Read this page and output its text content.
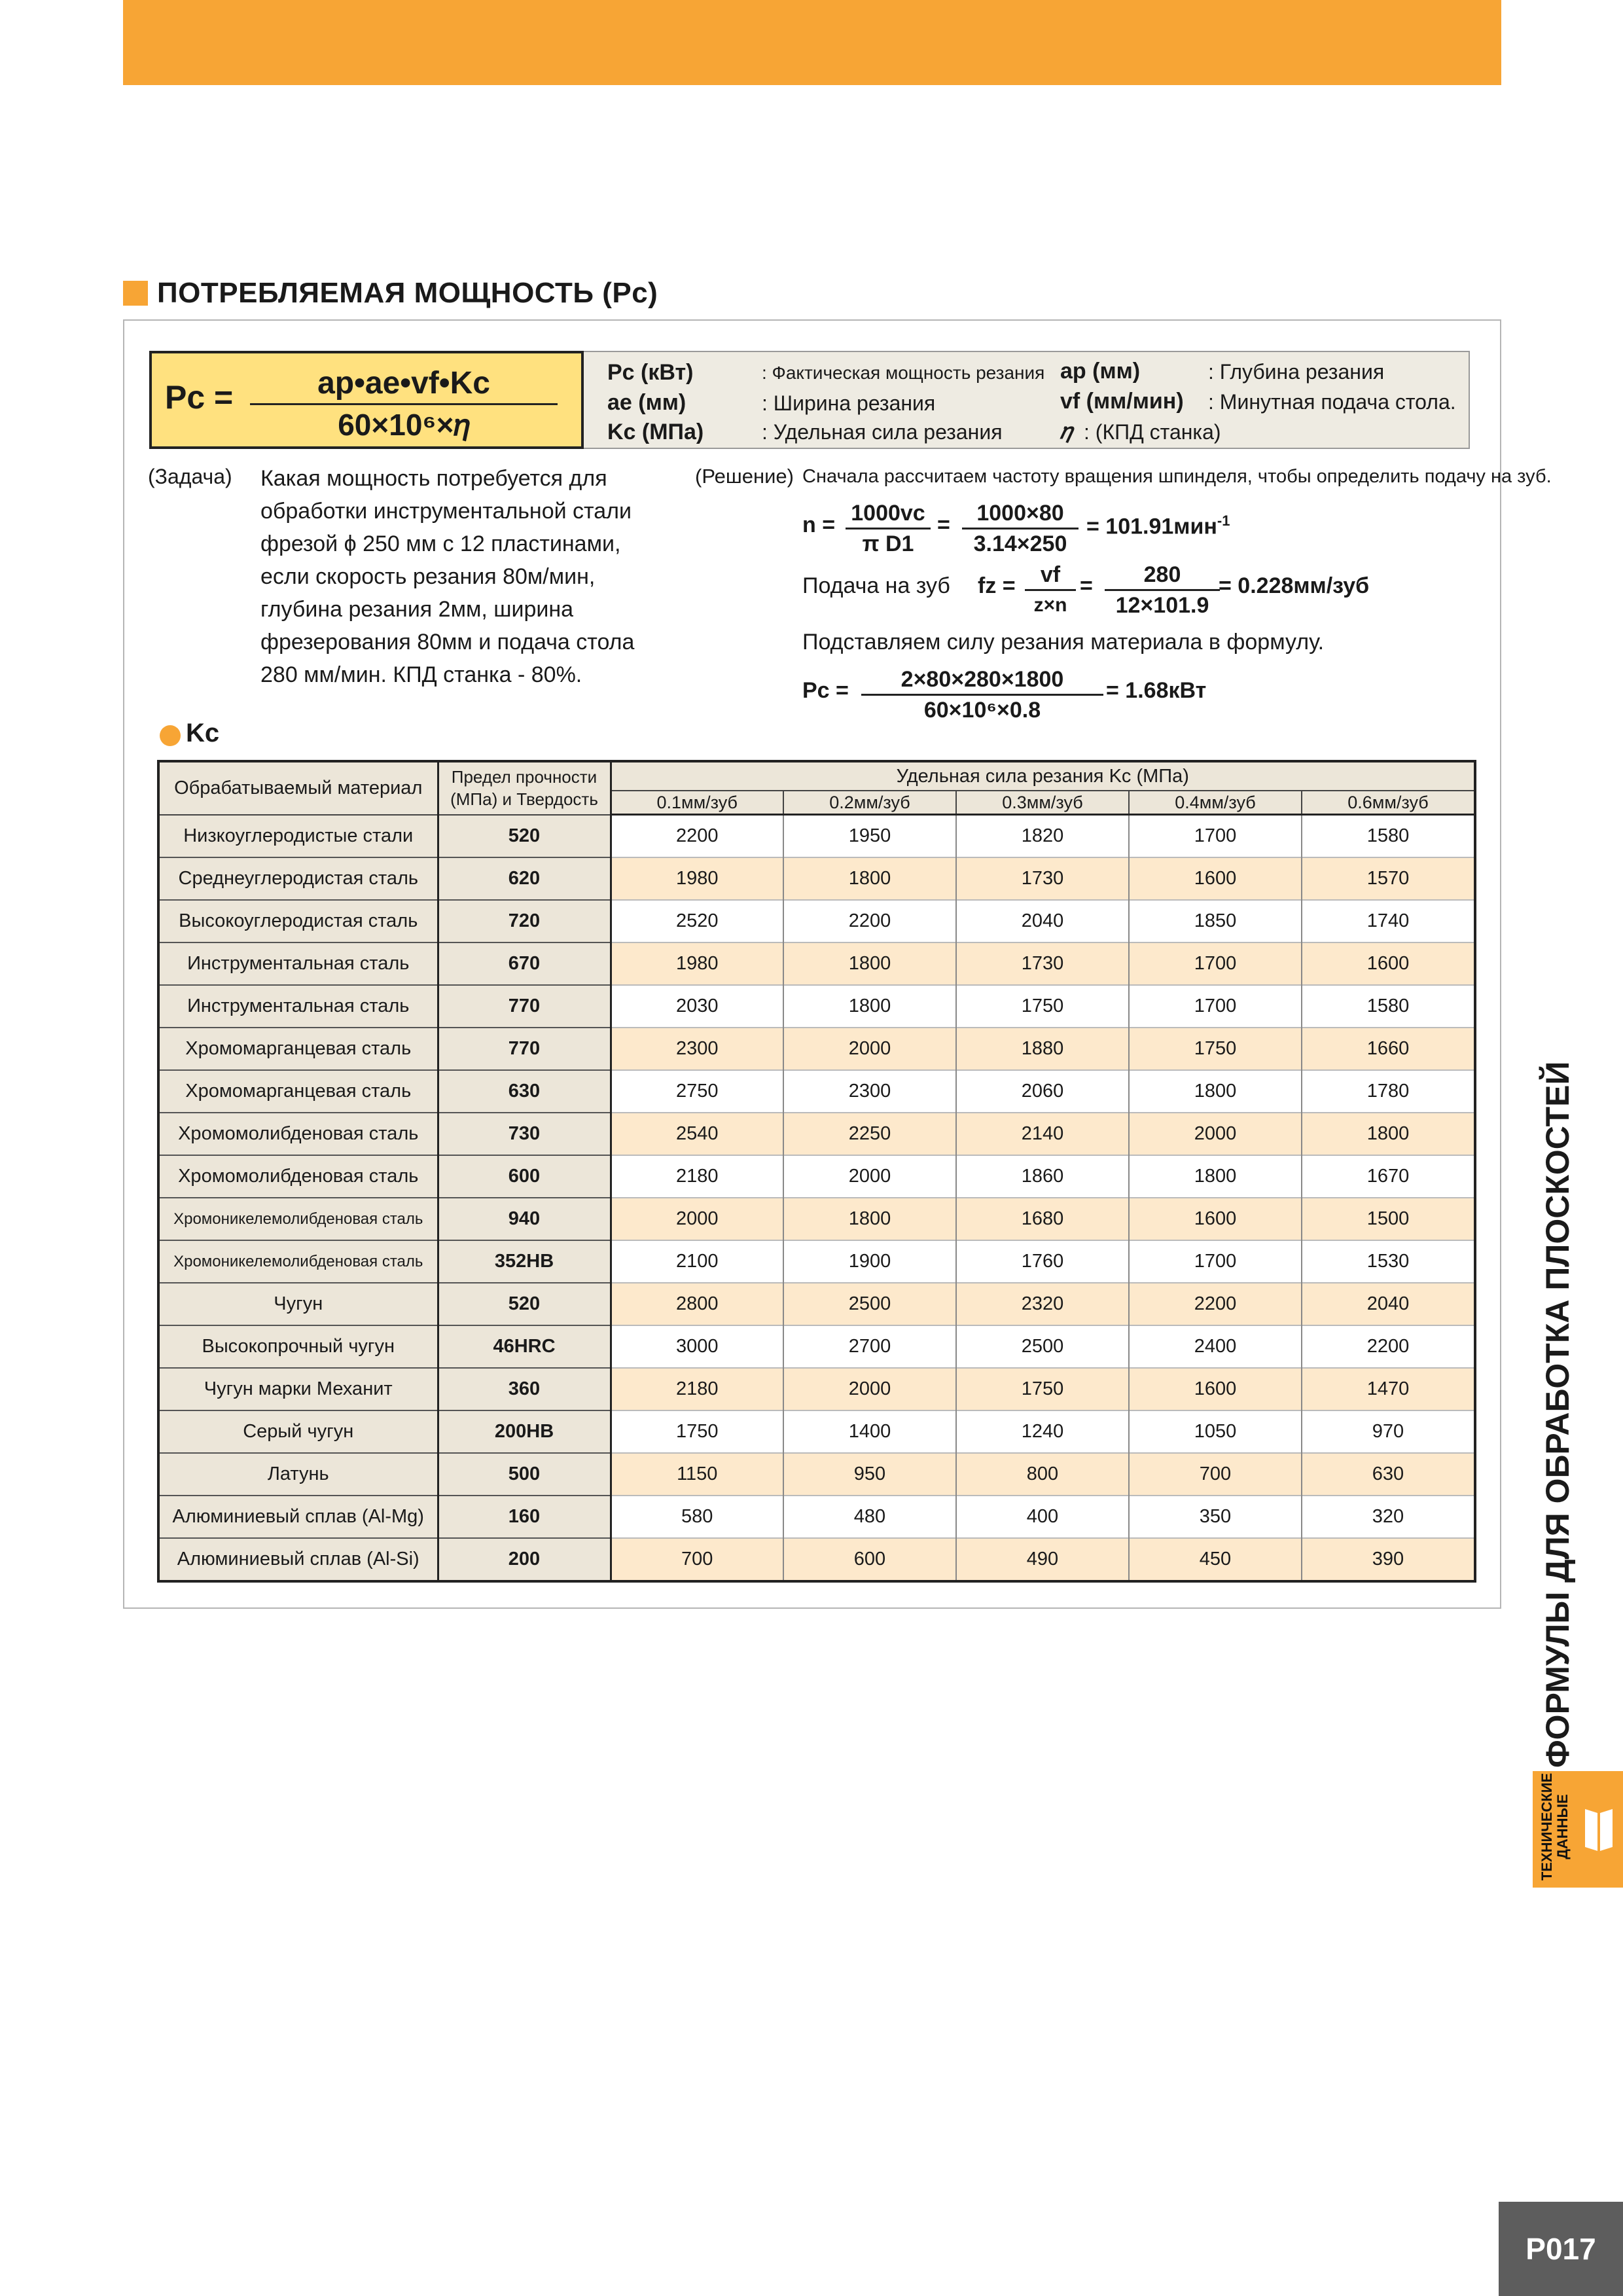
ПОТРЕБЛЯЕМАЯ МОЩНОСТЬ (Pc)
Pc =	ap•ae•vf•Kc
60×10⁶×𝜂
Pc (кВт)	: Фактическая мощность резания
ae (мм)	: Ширина резания
Kc (МПа)	: Удельная сила резания
ap (мм)	: Глубина резания
vf (мм/мин) : Минутная подача стола.
𝜂 : (КПД станка)
(Задача) Какая мощность потребуется для
обработки инструментальной стали
фрезой ϕ 250 мм с 12 пластинами,
если скорость резания 80м/мин,
глубина резания 2мм, ширина
фрезерования 80мм и подача стола
280 мм/мин. КПД станка - 80%.
(Решение) Сначала рассчитаем частоту вращения шпинделя, чтобы определить подачу на зуб.
n = 1000vc
π D1
=	1000×80
3.14×250
= 101.91мин$^{-1}$
Подача на зуб fz =	vf
z×n
=	280
12×101.9
= 0.228мм/зуб
Подставляем силу резания материала в формулу.
Pc =	2×80×280×1800
60×10⁶×0.8
= 1.68кВт
Kc
Обрабатываемый материал	Предел прочности
(МПа) и Твердость	Удельная сила резания Kc (МПа)				
		0.1мм/зуб	0.2мм/зуб	0.3мм/зуб	0.4мм/зуб	0.6мм/зуб
Низкоуглеродистые стали	520	2200	1950	1820	1700	1580
Среднеуглеродистая сталь	620	1980	1800	1730	1600	1570
Высокоуглеродистая сталь	720	2520	2200	2040	1850	1740
Инструментальная сталь	670	1980	1800	1730	1700	1600
Инструментальная сталь	770	2030	1800	1750	1700	1580
Хромомарганцевая сталь	770	2300	2000	1880	1750	1660
Хромомарганцевая сталь	630	2750	2300	2060	1800	1780
Хромомолибденовая сталь	730	2540	2250	2140	2000	1800
Хромомолибденовая сталь	600	2180	2000	1860	1800	1670
Хромоникелемолибденовая сталь	940	2000	1800	1680	1600	1500
Хромоникелемолибденовая сталь	352HB	2100	1900	1760	1700	1530
Чугун	520	2800	2500	2320	2200	2040
Высокопрочный чугун	46HRC	3000	2700	2500	2400	2200
Чугун марки Механит	360	2180	2000	1750	1600	1470
Серый чугун	200HB	1750	1400	1240	1050	970
Латунь	500	1150	950	800	700	630
Алюминиевый сплав (Al-Mg)	160	580	480	400	350	320
Алюминиевый сплав (Al-Si)	200	700	600	490	450	390	ФОРМУЛЫ ДЛЯ ОБРАБОТКА ПЛОСКОСТЕЙ
ТЕХНИЧЕСКИЕ
ДАННЫЕ
P017
